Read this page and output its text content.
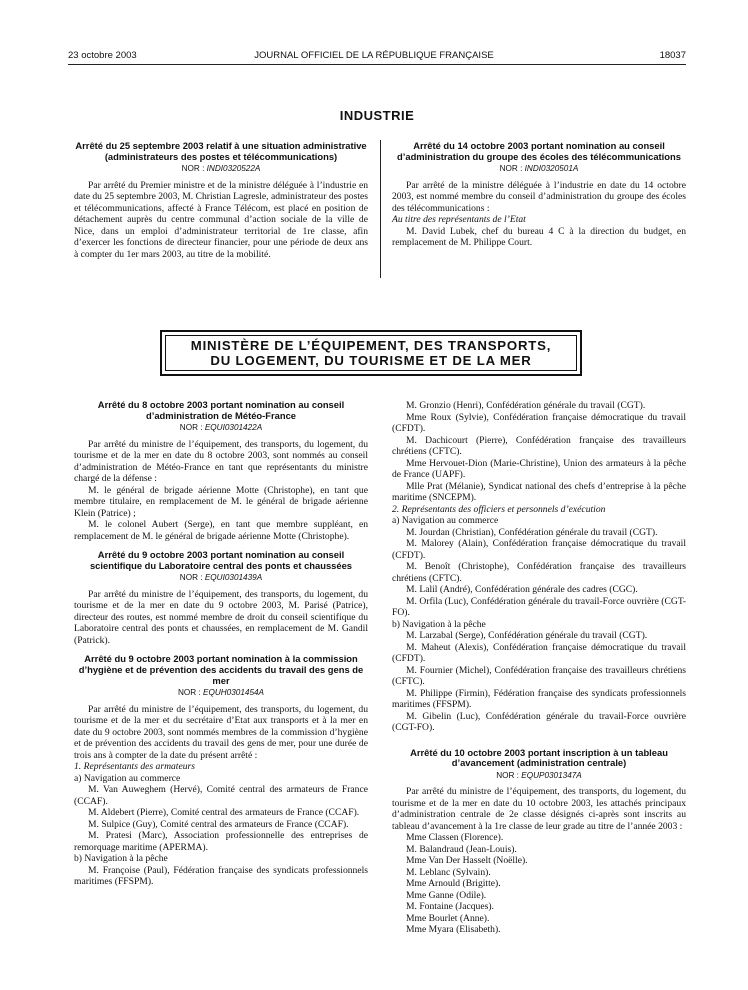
23 octobre 2003	JOURNAL OFFICIEL DE LA RÉPUBLIQUE FRANÇAISE	18037
INDUSTRIE
Arrêté du 25 septembre 2003 relatif à une situation administrative (administrateurs des postes et télécommunications)
NOR : INDI0320522A

Par arrêté du Premier ministre et de la ministre déléguée à l’industrie en date du 25 septembre 2003, M. Christian Lagresle, administrateur des postes et télécommunications, affecté à France Télécom, est placé en position de détachement auprès du centre communal d’action sociale de la ville de Nice, dans un emploi d’administrateur territorial de 1re classe, afin d’exercer les fonctions de directeur financier, pour une période de deux ans à compter du 1er mars 2003, au titre de la mobilité.

Arrêté du 14 octobre 2003 portant nomination au conseil d’administration du groupe des écoles des télécommunications
NOR : INDI0320501A

Par arrêté de la ministre déléguée à l’industrie en date du 14 octobre 2003, est nommé membre du conseil d’administration du groupe des écoles des télécommunications :

Au titre des représentants de l’Etat

M. David Lubek, chef du bureau 4 C à la direction du budget, en remplacement de M. Philippe Court.

MINISTÈRE DE L’ÉQUIPEMENT, DES TRANSPORTS,
DU LOGEMENT, DU TOURISME ET DE LA MER
Arrêté du 8 octobre 2003 portant nomination au conseil d’administration de Météo-France
NOR : EQUI0301422A

Par arrêté du ministre de l’équipement, des transports, du logement, du tourisme et de la mer en date du 8 octobre 2003, sont nommés au conseil d’administration de Météo-France en tant que représentants du ministre chargé de la défense :

M. le général de brigade aérienne Motte (Christophe), en tant que membre titulaire, en remplacement de M. le général de brigade aérienne Klein (Patrice) ;

M. le colonel Aubert (Serge), en tant que membre suppléant, en remplacement de M. le général de brigade aérienne Motte (Christophe).

Arrêté du 9 octobre 2003 portant nomination au conseil scientifique du Laboratoire central des ponts et chaussées
NOR : EQUI0301439A

Par arrêté du ministre de l’équipement, des transports, du logement, du tourisme et de la mer en date du 9 octobre 2003, M. Parisé (Patrice), directeur des routes, est nommé membre de droit du conseil scientifique du Laboratoire central des ponts et chaussées, en remplacement de M. Gandil (Patrick).

Arrêté du 9 octobre 2003 portant nomination à la commission d’hygiène et de prévention des accidents du travail des gens de mer
NOR : EQUH0301454A

Par arrêté du ministre de l’équipement, des transports, du logement, du tourisme et de la mer et du secrétaire d’Etat aux transports et à la mer en date du 9 octobre 2003, sont nommés membres de la commission d’hygiène et de prévention des accidents du travail des gens de mer, pour une durée de trois ans à compter de la date du présent arrêté :

1. Représentants des armateurs

a) Navigation au commerce

M. Van Auweghem (Hervé), Comité central des armateurs de France (CCAF).

M. Aldebert (Pierre), Comité central des armateurs de France (CCAF).

M. Sulpice (Guy), Comité central des armateurs de France (CCAF).

M. Pratesi (Marc), Association professionnelle des entreprises de remorquage maritime (APERMA).

b) Navigation à la pêche

M. Françoise (Paul), Fédération française des syndicats professionnels maritimes (FFSPM).

M. Gronzio (Henri), Confédération générale du travail (CGT).

Mme Roux (Sylvie), Confédération française démocratique du travail (CFDT).

M. Dachicourt (Pierre), Confédération française des travailleurs chrétiens (CFTC).

Mme Hervouet-Dion (Marie-Christine), Union des armateurs à la pêche de France (UAPF).

Mlle Prat (Mélanie), Syndicat national des chefs d’entreprise à la pêche maritime (SNCEPM).

2. Représentants des officiers et personnels d’exécution

a) Navigation au commerce

M. Jourdan (Christian), Confédération générale du travail (CGT).

M. Malorey (Alain), Confédération française démocratique du travail (CFDT).

M. Benoît (Christophe), Confédération française des travailleurs chrétiens (CFTC).

M. Lalil (André), Confédération générale des cadres (CGC).

M. Orfila (Luc), Confédération générale du travail-Force ouvrière (CGT-FO).

b) Navigation à la pêche

M. Larzabal (Serge), Confédération générale du travail (CGT).

M. Maheut (Alexis), Confédération française démocratique du travail (CFDT).

M. Fournier (Michel), Confédération française des travailleurs chrétiens (CFTC).

M. Philippe (Firmin), Fédération française des syndicats professionnels maritimes (FFSPM).

M. Gibelin (Luc), Confédération générale du travail-Force ouvrière (CGT-FO).

Arrêté du 10 octobre 2003 portant inscription à un tableau d’avancement (administration centrale)
NOR : EQUP0301347A

Par arrêté du ministre de l’équipement, des transports, du logement, du tourisme et de la mer en date du 10 octobre 2003, les attachés principaux d’administration centrale de 2e classe désignés ci-après sont inscrits au tableau d’avancement à la 1re classe de leur grade au titre de l’année 2003 :

Mme Classen (Florence).

M. Balandraud (Jean-Louis).

Mme Van Der Hasselt (Noëlle).

M. Leblanc (Sylvain).

Mme Arnould (Brigitte).

Mme Ganne (Odile).

M. Fontaine (Jacques).

Mme Bourlet (Anne).

Mme Myara (Elisabeth).
